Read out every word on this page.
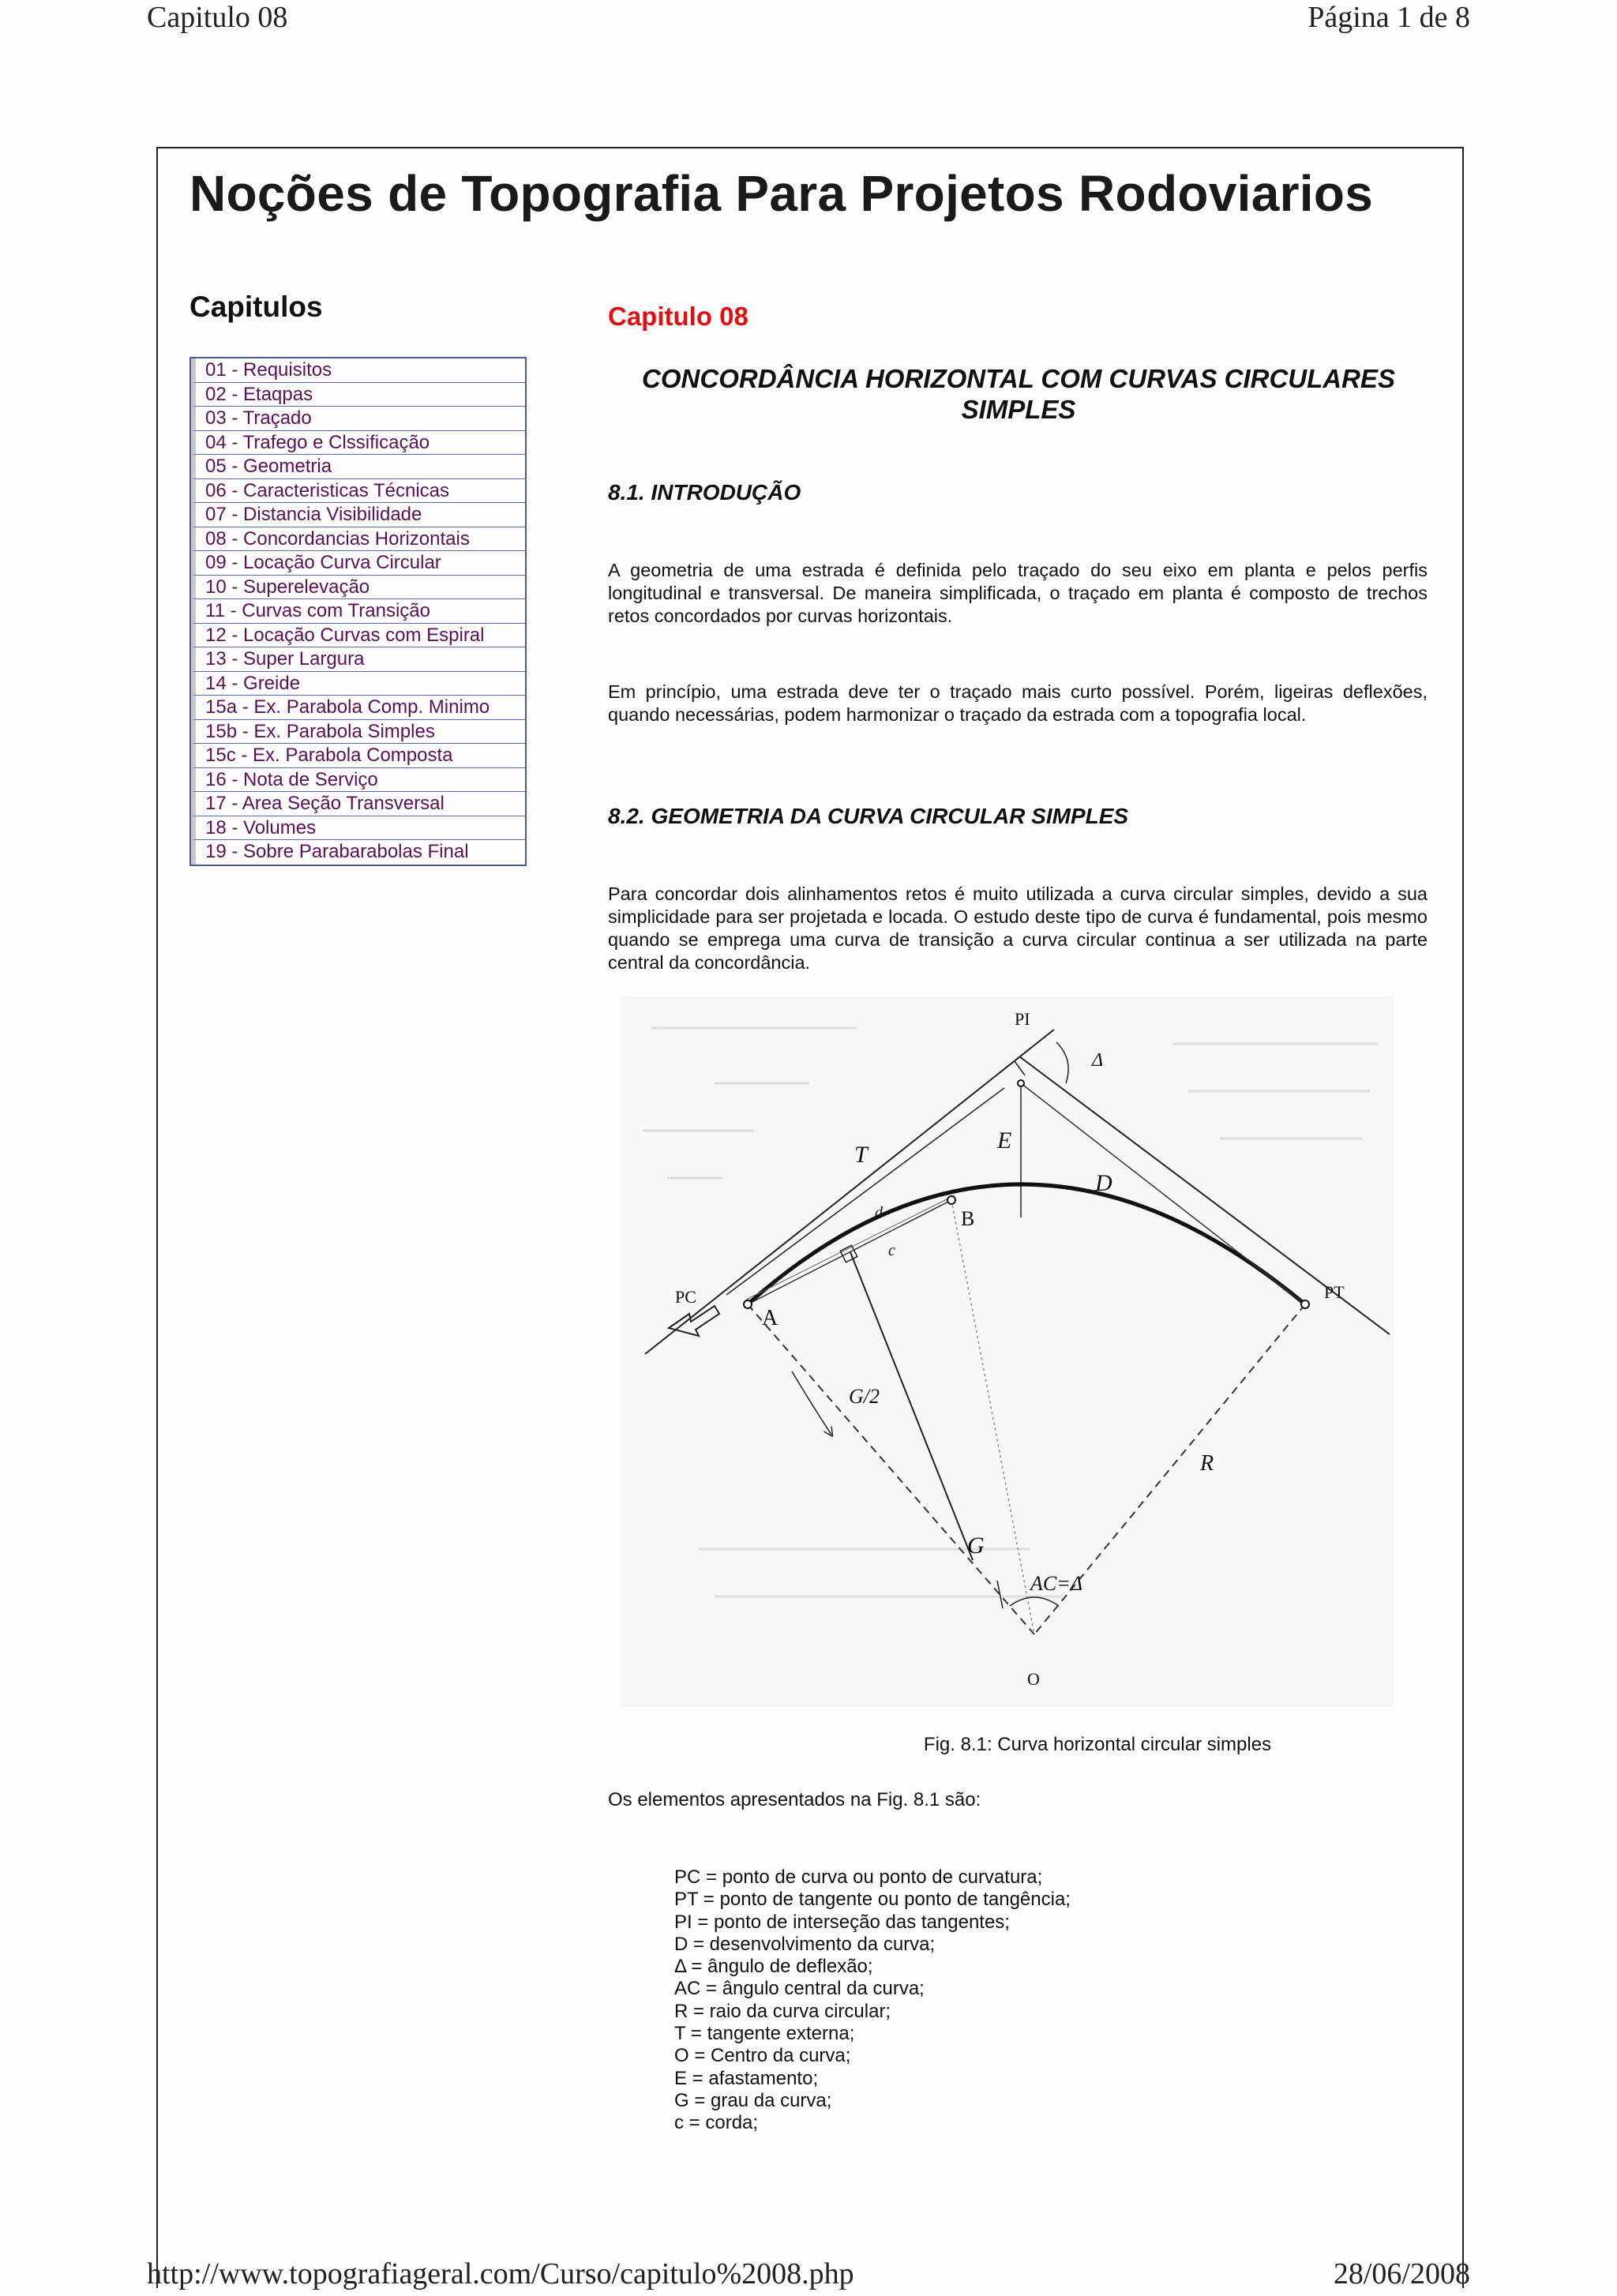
Capitulo 08	Página 1 de 8
Noções de Topografia Para Projetos Rodoviarios
Capitulos
01 - Requisitos
02 - Etaqpas
03 - Traçado
04 - Trafego e Clssificação
05 - Geometria
06 - Caracteristicas Técnicas
07 - Distancia Visibilidade
08 - Concordancias Horizontais
09 - Locação Curva Circular
10 - Superelevação
11 - Curvas com Transição
12 - Locação Curvas com Espiral
13 - Super Largura
14 - Greide
15a - Ex. Parabola Comp. Minimo
15b - Ex. Parabola Simples
15c - Ex. Parabola Composta
16 - Nota de Serviço
17 - Area Seção Transversal
18 - Volumes
19 - Sobre Parabarabolas Final
Capitulo 08
CONCORDÂNCIA HORIZONTAL COM CURVAS CIRCULARES
SIMPLES
8.1. INTRODUÇÃO

A geometria de uma estrada é definida pelo traçado do seu eixo em planta e pelos perfis longitudinal e transversal. De maneira simplificada, o traçado em planta é composto de trechos retos concordados por curvas horizontais.

Em princípio, uma estrada deve ter o traçado mais curto possível. Porém, ligeiras deflexões, quando necessárias, podem harmonizar o traçado da estrada com a topografia local.

8.2. GEOMETRIA DA CURVA CIRCULAR SIMPLES

Para concordar dois alinhamentos retos é muito utilizada a curva circular simples, devido a sua simplicidade para ser projetada e locada. O estudo deste tipo de curva é fundamental, pois mesmo quando se emprega uma curva de transição a curva circular continua a ser utilizada na parte central da concordância.

PI
Δ
T
E
d	B
D
c
PC
A
PT
G/2
R
G
AC=Δ
O
Fig. 8.1: Curva horizontal circular simples
Os elementos apresentados na Fig. 8.1 são:
PC = ponto de curva ou ponto de curvatura;
PT = ponto de tangente ou ponto de tangência;
PI = ponto de interseção das tangentes;
D = desenvolvimento da curva;
Δ = ângulo de deflexão;
AC = ângulo central da curva;
R = raio da curva circular;
T = tangente externa;
O = Centro da curva;
E = afastamento;
G = grau da curva;
c = corda;
http://www.topografiageral.com/Curso/capitulo%2008.php	28/06/2008
